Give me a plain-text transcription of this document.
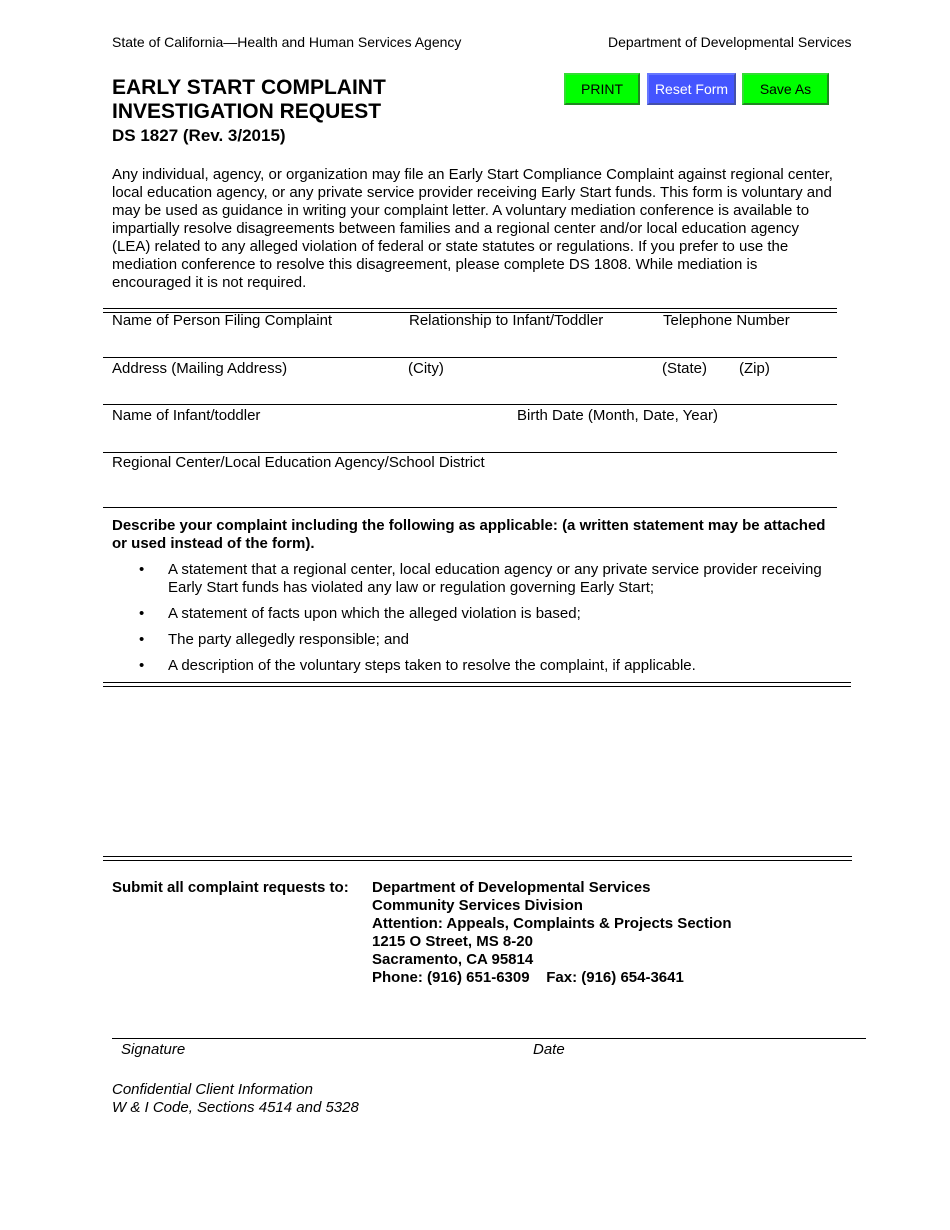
State of California—Health and Human Services Agency	Department of Developmental Services
EARLY START COMPLAINT
INVESTIGATION REQUEST
DS 1827 (Rev. 3/2015)
PRINT	Reset Form	Save As
Any individual, agency, or organization may file an Early Start Compliance Complaint against regional center,
local education agency, or any private service provider receiving Early Start funds. This form is voluntary and
may be used as guidance in writing your complaint letter. A voluntary mediation conference is available to
impartially resolve disagreements between families and a regional center and/or local education agency
(LEA) related to any alleged violation of federal or state statutes or regulations. If you prefer to use the
mediation conference to resolve this disagreement, please complete DS 1808. While mediation is
encouraged it is not required.
Name of Person Filing Complaint	Relationship to Infant/Toddler	Telephone Number
Address (Mailing Address)	(City)	(State)	(Zip)
Name of Infant/toddler	Birth Date (Month, Date, Year)
Regional Center/Local Education Agency/School District
Describe your complaint including the following as applicable: (a written statement may be attached
or used instead of the form).
• A statement that a regional center, local education agency or any private service provider receiving
Early Start funds has violated any law or regulation governing Early Start;
• A statement of facts upon which the alleged violation is based;
• The party allegedly responsible; and
• A description of the voluntary steps taken to resolve the complaint, if applicable.
Submit all complaint requests to: Department of Developmental Services
Community Services Division
Attention: Appeals, Complaints & Projects Section
1215 O Street, MS 8-20
Sacramento, CA 95814
Phone: (916) 651-6309    Fax: (916) 654-3641
Signature	Date
Confidential Client Information
W & I Code, Sections 4514 and 5328
